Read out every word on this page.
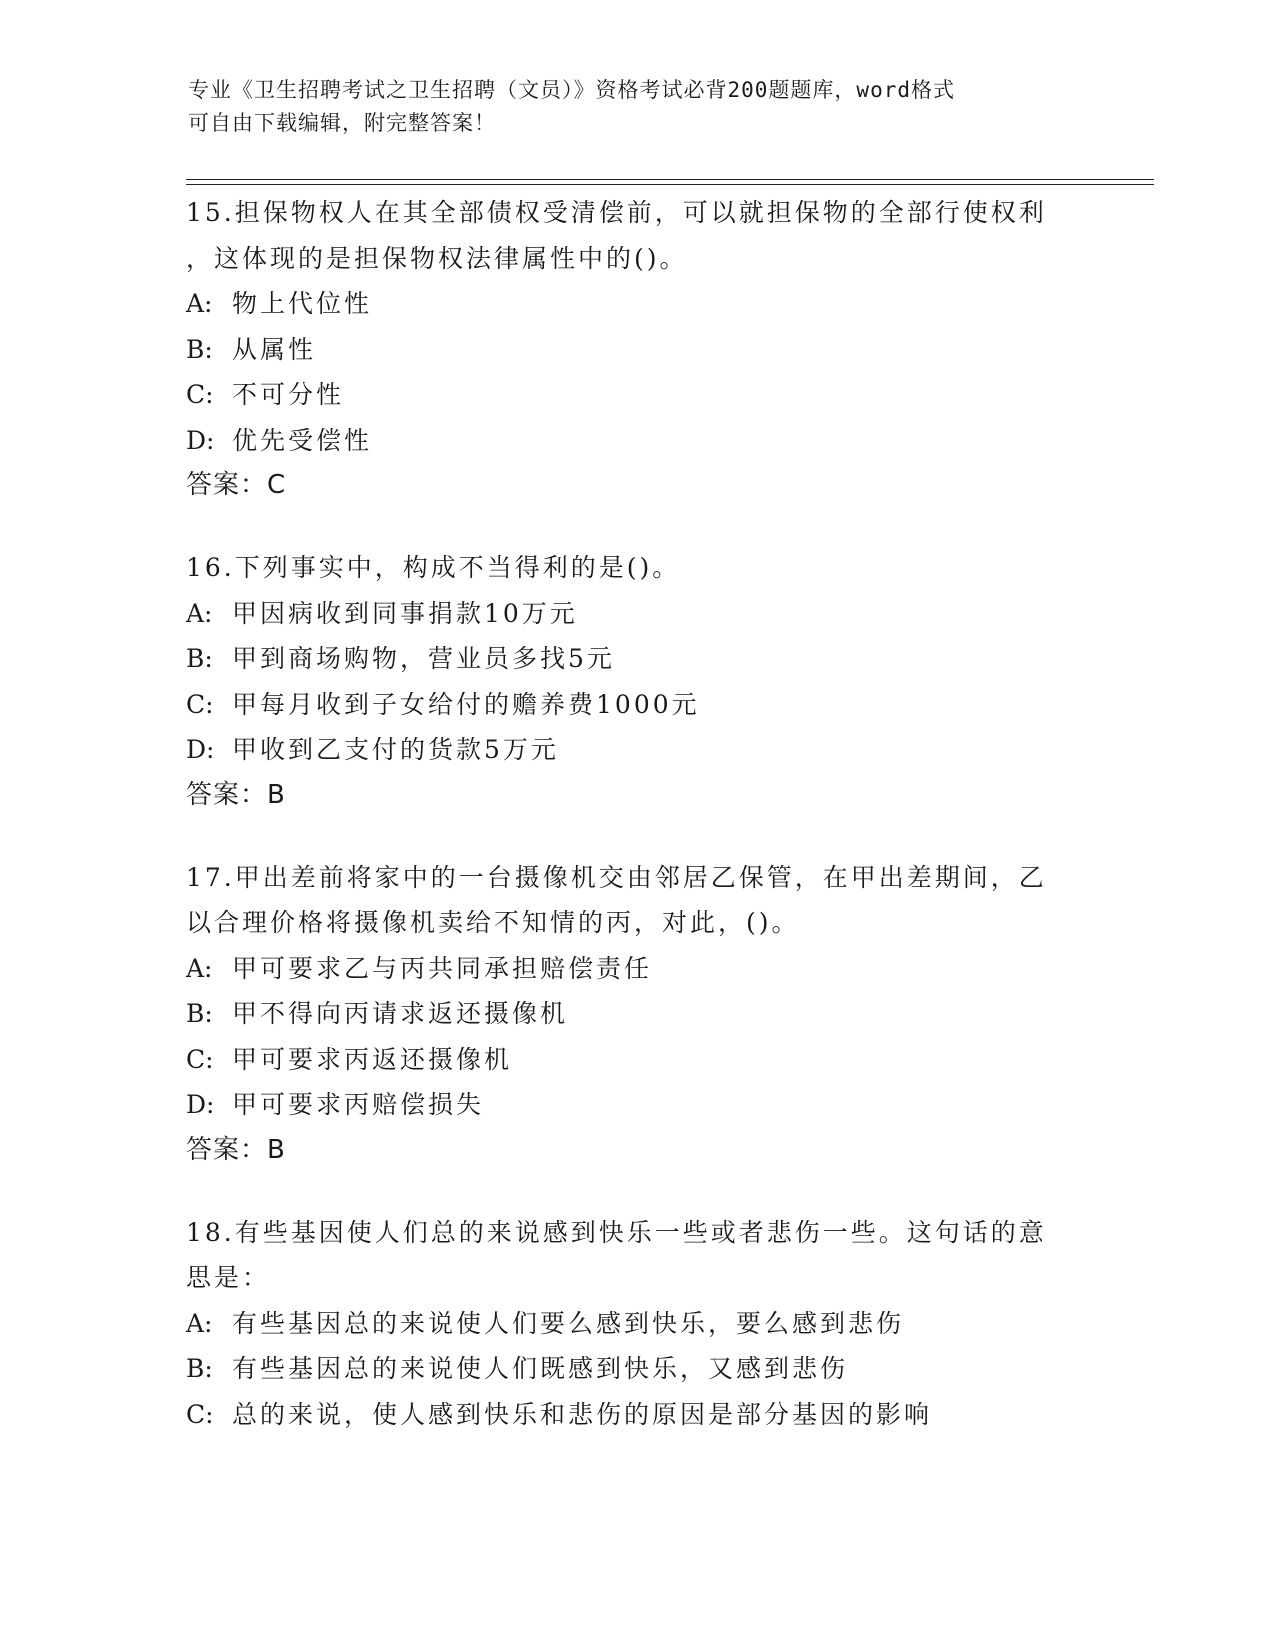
专业《卫生招聘考试之卫生招聘（文员）》资格考试必背200题题库，word格式
可自由下载编辑，附完整答案！
15.担保物权人在其全部债权受清偿前，可以就担保物的全部行使权利
，这体现的是担保物权法律属性中的()。
A: 物上代位性
B: 从属性
C: 不可分性
D: 优先受偿性
答案：C
16.下列事实中，构成不当得利的是()。
A: 甲因病收到同事捐款10万元
B: 甲到商场购物，营业员多找5元
C: 甲每月收到子女给付的赡养费1000元
D: 甲收到乙支付的货款5万元
答案：B
17.甲出差前将家中的一台摄像机交由邻居乙保管，在甲出差期间，乙
以合理价格将摄像机卖给不知情的丙，对此，()。
A: 甲可要求乙与丙共同承担赔偿责任
B: 甲不得向丙请求返还摄像机
C: 甲可要求丙返还摄像机
D: 甲可要求丙赔偿损失
答案：B
18.有些基因使人们总的来说感到快乐一些或者悲伤一些。这句话的意
思是：
A: 有些基因总的来说使人们要么感到快乐，要么感到悲伤
B: 有些基因总的来说使人们既感到快乐，又感到悲伤
C: 总的来说，使人感到快乐和悲伤的原因是部分基因的影响
